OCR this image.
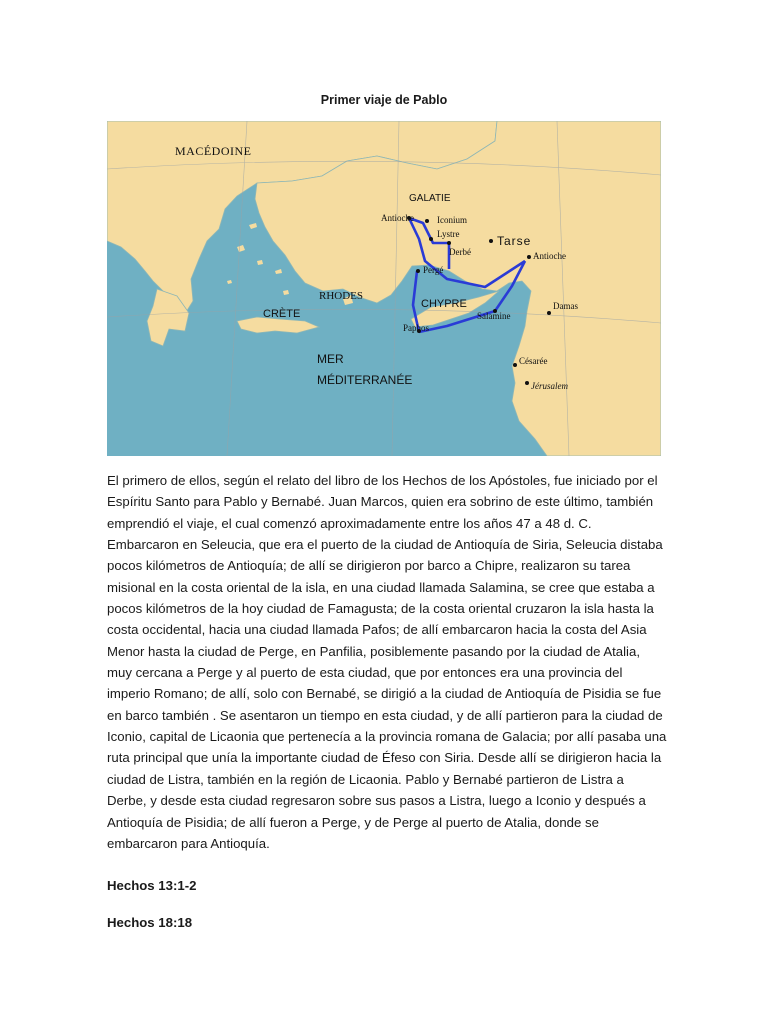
Primer viaje de Pablo
MACÉDOINE
GALATIE
Antioche	Iconium
Lystre
Derbé
Tarse
Antioche
Pergé
RHODES
CRÈTE
CHYPRE
Paphos
Salamine
Damas
Césarée
Jérusalem
MER
MÉDITERRANÉE

El primero de ellos, según el relato del libro de los Hechos de los Apóstoles, fue iniciado por el Espíritu Santo para Pablo y Bernabé. Juan Marcos, quien era sobrino de este último, también emprendió el viaje, el cual comenzó aproximadamente entre los años 47 a 48 d. C. Embarcaron en Seleucia, que era el puerto de la ciudad de Antioquía de Siria, Seleucia distaba pocos kilómetros de Antioquía; de allí se dirigieron por barco a Chipre, realizaron su tarea misional en la costa oriental de la isla, en una ciudad llamada Salamina, se cree que estaba a pocos kilómetros de la hoy ciudad de Famagusta; de la costa oriental cruzaron la isla hasta la costa occidental, hacia una ciudad llamada Pafos; de allí embarcaron hacia la costa del Asia Menor hasta la ciudad de Perge, en Panfilia, posiblemente pasando por la ciudad de Atalia, muy cercana a Perge y al puerto de esta ciudad, que por entonces era una provincia del imperio Romano; de allí, solo con Bernabé, se dirigió a la ciudad de Antioquía de Pisidia se fue en barco también . Se asentaron un tiempo en esta ciudad, y de allí partieron para la ciudad de Iconio, capital de Licaonia que pertenecía a la provincia romana de Galacia; por allí pasaba una ruta principal que unía la importante ciudad de Éfeso con Siria. Desde allí se dirigieron hacia la ciudad de Listra, también en la región de Licaonia. Pablo y Bernabé partieron de Listra a Derbe, y desde esta ciudad regresaron sobre sus pasos a Listra, luego a Iconio y después a Antioquía de Pisidia; de allí fueron a Perge, y de Perge al puerto de Atalia, donde se embarcaron para Antioquía.

Hechos 13:1-2

Hechos 18:18
